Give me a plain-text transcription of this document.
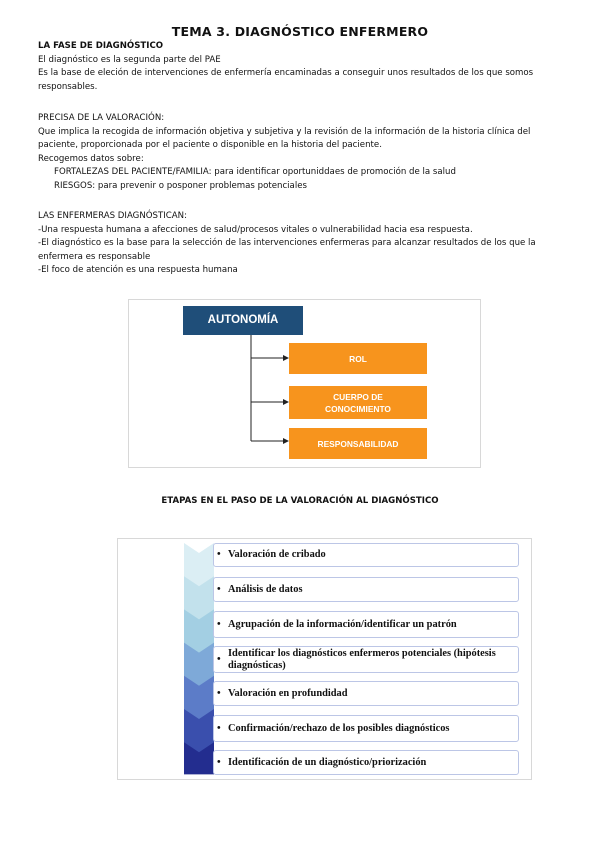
TEMA 3. DIAGNÓSTICO ENFERMERO
LA FASE DE DIAGNÓSTICO
El diagnóstico es la segunda parte del PAE
Es la base de eleción de intervenciones de enfermería encaminadas a conseguir unos resultados de los que somos
responsables.
PRECISA DE LA VALORACIÓN:
Que implica la recogida de información objetiva y subjetiva y la revisión de la información de la historia clínica del
paciente, proporcionada por el paciente o disponible en la historia del paciente.
Recogemos datos sobre:
FORTALEZAS DEL PACIENTE/FAMILIA: para identificar oportuniddaes de promoción de la salud
RIESGOS: para prevenir o posponer problemas potenciales
LAS ENFERMERAS DIAGNÓSTICAN:
-Una respuesta humana a afecciones de salud/procesos vitales o vulnerabilidad hacia esa respuesta.
-El diagnóstico es la base para la selección de las intervenciones enfermeras para alcanzar resultados de los que la
enfermera es responsable
-El foco de atención es una respuesta humana
AUTONOMÍA
ROL
CUERPO DE CONOCIMIENTO
RESPONSABILIDAD
ETAPAS EN EL PASO DE LA VALORACIÓN AL DIAGNÓSTICO
• Valoración de cribado
• Análisis de datos
• Agrupación de la información/identificar un patrón
•
Identificar los diagnósticos enfermeros potenciales (hipótesis diagnósticas)
• Valoración en profundidad
• Confirmación/rechazo de los posibles diagnósticos
• Identificación de un diagnóstico/priorización
